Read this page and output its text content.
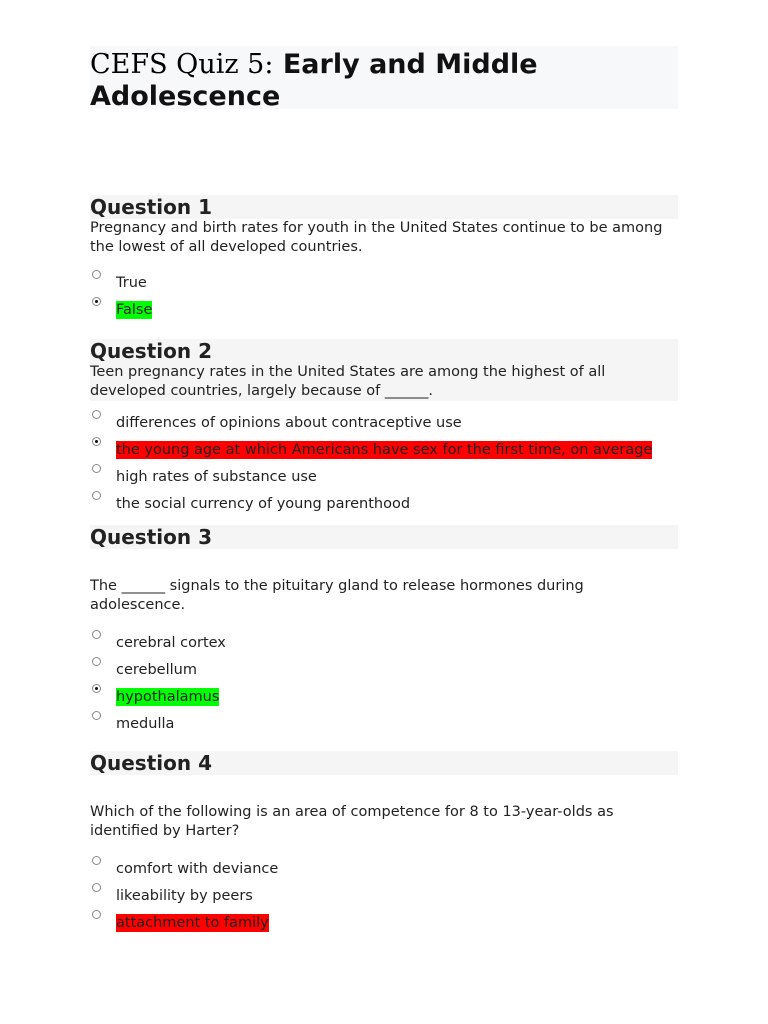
CEFS Quiz 5: Early and Middle Adolescence
Question 1
Pregnancy and birth rates for youth in the United States continue to be among the lowest of all developed countries.
True
False
Question 2
Teen pregnancy rates in the United States are among the highest of all developed countries, largely because of ______.
differences of opinions about contraceptive use
the young age at which Americans have sex for the first time, on average
high rates of substance use
the social currency of young parenthood
Question 3
The ______ signals to the pituitary gland to release hormones during adolescence.
cerebral cortex
cerebellum
hypothalamus
medulla
Question 4
Which of the following is an area of competence for 8 to 13-year-olds as identified by Harter?
comfort with deviance
likeability by peers
attachment to family
